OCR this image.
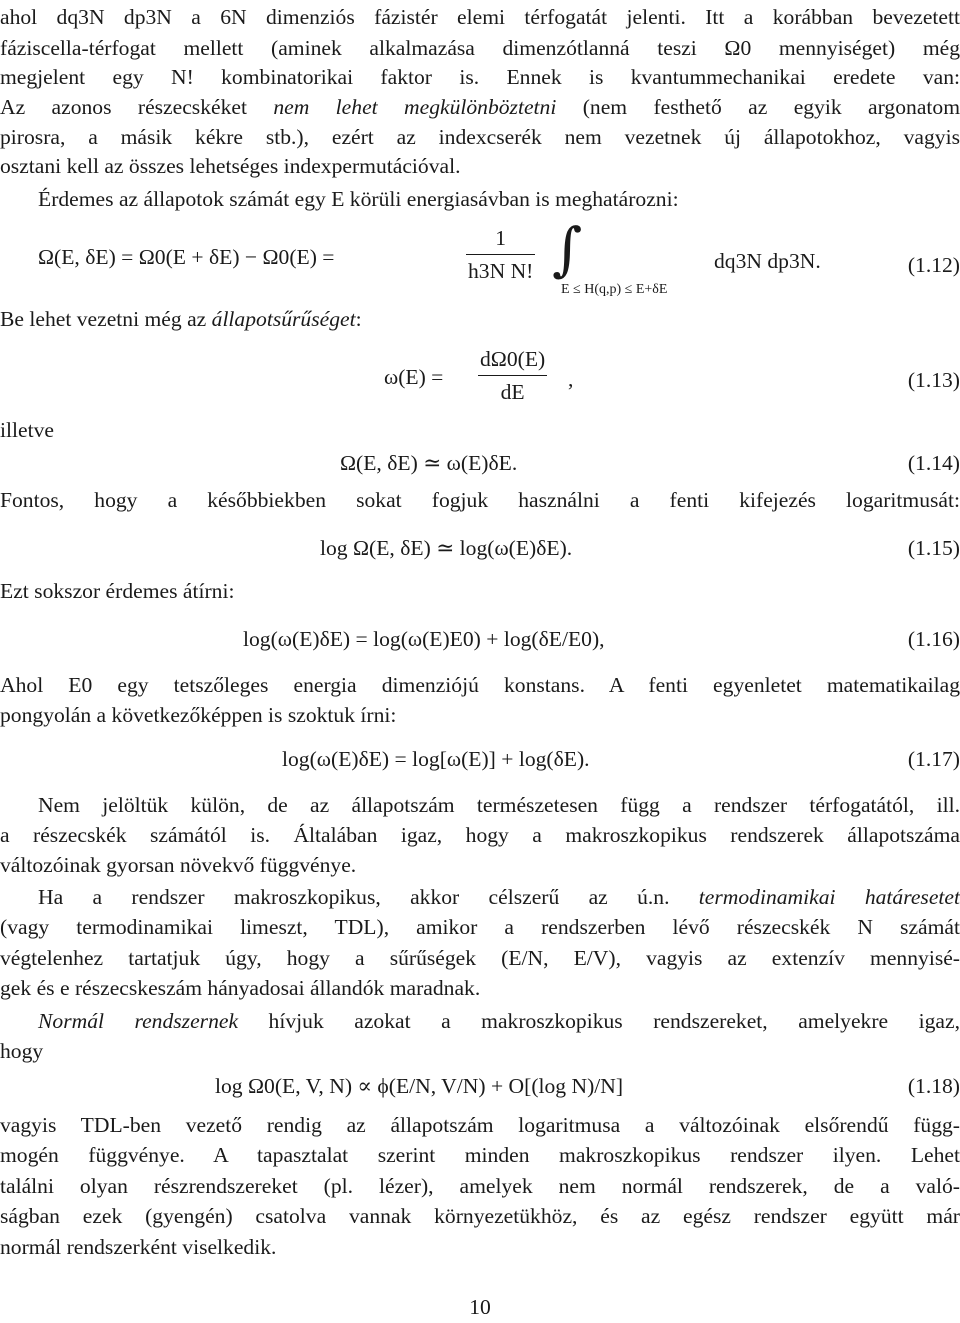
ahol dq3N dp3N a 6N dimenziós fázistér elemi térfogatát jelenti. Itt a korábban bevezetett
fáziscella-térfogat mellett (aminek alkalmazása dimenzótlanná teszi Ω0 mennyiséget) még
megjelent egy N! kombinatorikai faktor is. Ennek is kvantummechanikai eredete van:
Az azonos részecskéket nem lehet megkülönböztetni (nem festhető az egyik argonatom
pirosra, a másik kékre stb.), ezért az indexcserék nem vezetnek új állapotokhoz, vagyis
osztani kell az összes lehetséges indexpermutációval.
Érdemes az állapotok számát egy E körüli energiasávban is meghatározni:
Ω(E, δE) = Ω0(E + δE) − Ω0(E) =	$\frac{1}{\text{h3N N!}}$ ∫
E ≤ H(q,p) ≤ E+δE
dq3N dp3N.	(1.12)
Be lehet vezetni még az állapotsűrűséget:
$\omega(E) = \frac{d\Omega 0(E)}{dE}$ ,	(1.13)
illetve
Ω(E, δE) ≃ ω(E)δE.	(1.14)
Fontos, hogy a későbbiekben sokat fogjuk használni a fenti kifejezés logaritmusát:
log Ω(E, δE) ≃ log(ω(E)δE).	(1.15)
Ezt sokszor érdemes átírni:
log(ω(E)δE) = log(ω(E)E0) + log(δE/E0),	(1.16)
Ahol E0 egy tetszőleges energia dimenziójú konstans. A fenti egyenletet matematikailag
pongyolán a következőképpen is szoktuk írni:
log(ω(E)δE) = log[ω(E)] + log(δE).	(1.17)
Nem jelöltük külön, de az állapotszám természetesen függ a rendszer térfogatától, ill.
a részecskék számától is. Általában igaz, hogy a makroszkopikus rendszerek állapotszáma
változóinak gyorsan növekvő függvénye.
Ha a rendszer makroszkopikus, akkor célszerű az ú.n. termodinamikai határesetet
(vagy termodinamikai limeszt, TDL), amikor a rendszerben lévő részecskék N számát
végtelenhez tartatjuk úgy, hogy a sűrűségek (E/N, E/V), vagyis az extenzív mennyisé-
gek és e részecskeszám hányadosai állandók maradnak.
Normál rendszernek hívjuk azokat a makroszkopikus rendszereket, amelyekre igaz,
hogy
log Ω0(E, V, N) ∝ ϕ(E/N, V/N) + O[(log N)/N]	(1.18)
vagyis TDL-ben vezető rendig az állapotszám logaritmusa a változóinak elsőrendű függ-
mogén függvénye. A tapasztalat szerint minden makroszkopikus rendszer ilyen. Lehet
találni olyan részrendszereket (pl. lézer), amelyek nem normál rendszerek, de a való-
ságban ezek (gyengén) csatolva vannak környezetükhöz, és az egész rendszer együtt már
normál rendszerként viselkedik.
10
